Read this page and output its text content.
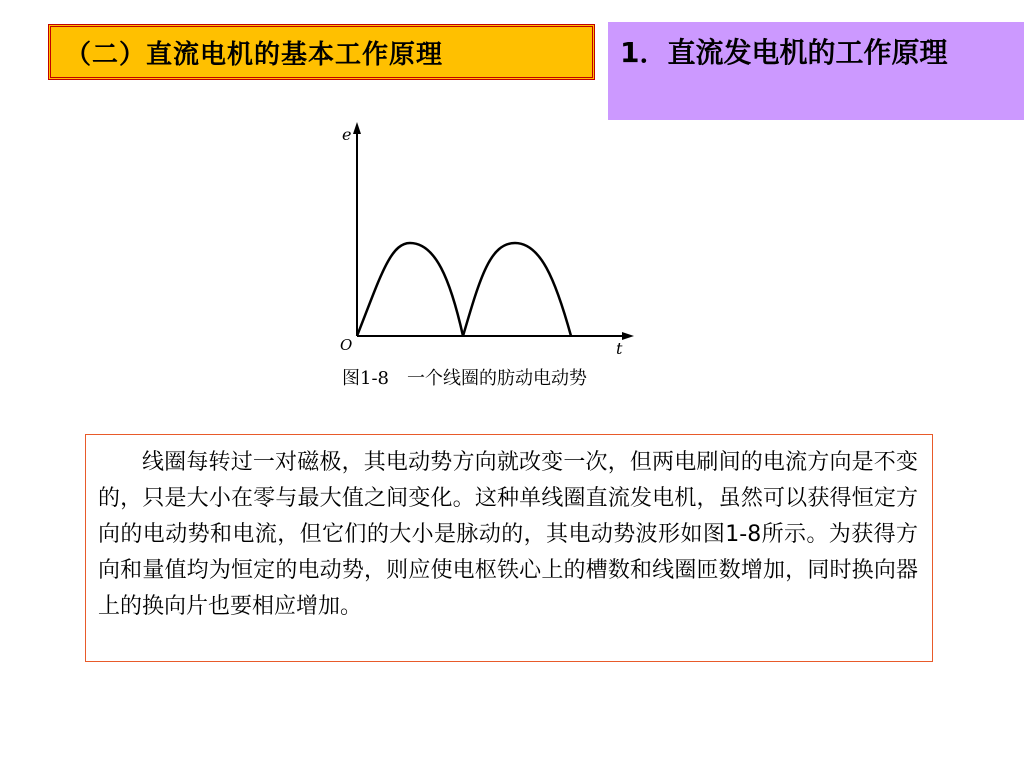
（二）直流电机的基本工作原理	1．直流发电机的工作原理
e
t
O
图1-8　一个线圈的肪动电动势

线圈每转过一对磁极，其电动势方向就改变一次，但两电刷间的电流方向是不变的，只是大小在零与最大值之间变化。这种单线圈直流发电机，虽然可以获得恒定方向的电动势和电流，但它们的大小是脉动的，其电动势波形如图1-8所示。为获得方向和量值均为恒定的电动势，则应使电枢铁心上的槽数和线圈匝数增加，同时换向器上的换向片也要相应增加。
